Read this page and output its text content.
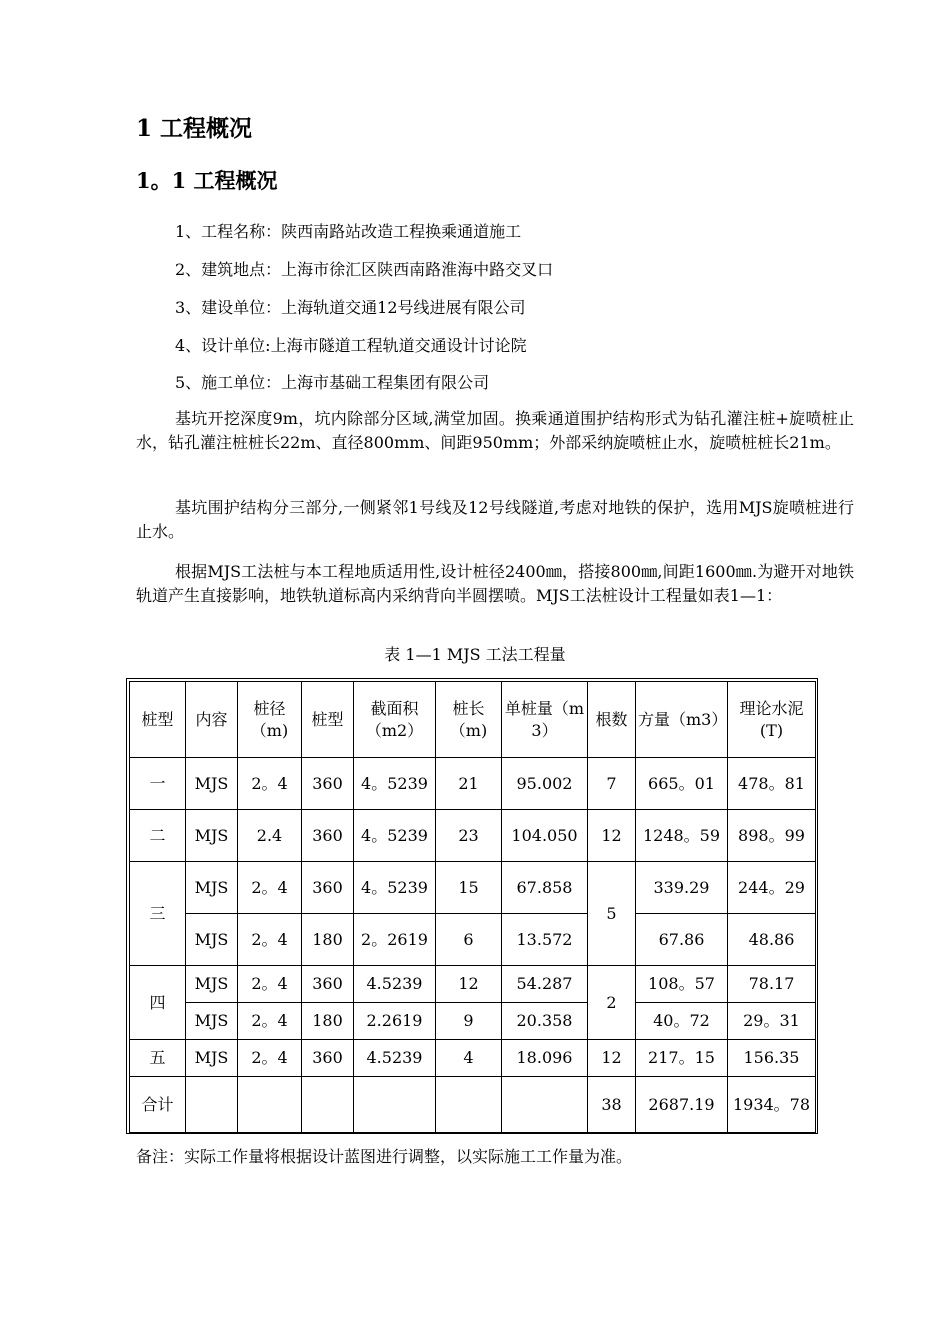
1 工程概况

1。1 工程概况

1、工程名称：陕西南路站改造工程换乘通道施工

2、建筑地点：上海市徐汇区陕西南路淮海中路交叉口

3、建设单位：上海轨道交通12号线进展有限公司

4、设计单位:上海市隧道工程轨道交通设计讨论院

5、施工单位：上海市基础工程集团有限公司

基坑开挖深度9m，坑内除部分区域,满堂加固。换乘通道围护结构形式为钻孔灌注桩+旋喷桩止水，钻孔灌注桩桩长22m、直径800mm、间距950mm；外部采纳旋喷桩止水，旋喷桩桩长21m。

基坑围护结构分三部分,一侧紧邻1号线及12号线隧道,考虑对地铁的保护，选用MJS旋喷桩进行止水。

根据MJS工法桩与本工程地质适用性,设计桩径2400㎜，搭接800㎜,间距1600㎜.为避开对地铁轨道产生直接影响，地铁轨道标高内采纳背向半圆摆喷。MJS工法桩设计工程量如表1—1：

表 1—1 MJS 工法工程量

桩型	内容	桩径（m)	桩型	截面积（m2）	桩长（m)	单桩量（m3）	根数	方量（m3）	理论水泥(T)
一	MJS	2。4	360	4。5239	21	95.002	7	665。01	478。81
二	MJS	2.4	360	4。5239	23	104.050	12	1248。59	898。99
三	MJS	2。4	360	4。5239	15	67.858	5	339.29	244。29
	MJS	2。4	180	2。2619	6	13.572		67.86	48.86
四	MJS	2。4	360	4.5239	12	54.287	2	108。57	78.17
	MJS	2。4	180	2.2619	9	20.358		40。72	29。31
五	MJS	2。4	360	4.5239	4	18.096	12	217。15	156.35
合计							38	2687.19	1934。78

备注：实际工作量将根据设计蓝图进行调整，以实际施工工作量为准。
